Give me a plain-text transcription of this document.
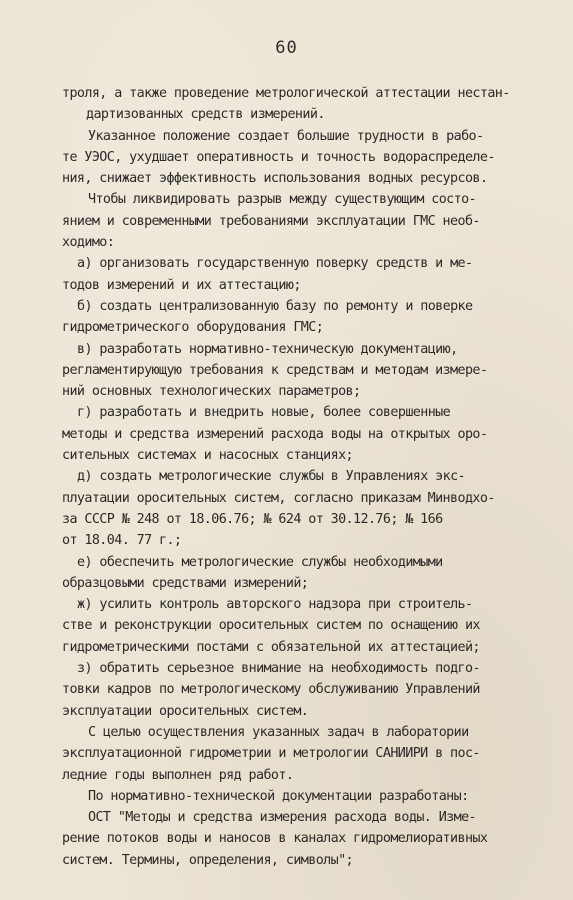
60
троля, а также проведение метрологической аттестации нестан-
дартизованных средств измерений.
Указанное положение создает большие трудности в рабо-
те УЭОС, ухудшает оперативность и точность водораспределе-
ния, снижает эффективность использования водных ресурсов.
Чтобы ликвидировать разрыв между существующим состо-
янием и современными требованиями эксплуатации ГМС необ-
ходимо:
а) организовать государственную поверку средств и ме-
тодов измерений и их аттестацию;
б) создать централизованную базу по ремонту и поверке
гидрометрического оборудования ГМС;
в) разработать нормативно-техническую документацию,
регламентирующую требования к средствам и методам измере-
ний основных технологических параметров;
г) разработать и внедрить новые, более совершенные
методы и средства измерений расхода воды на открытых оро-
сительных системах и насосных станциях;
д) создать метрологические службы в Управлениях экс-
плуатации оросительных систем, согласно приказам Минводхо-
за СССР № 248 от 18.06.76; № 624 от 30.12.76; № 166
от 18.04. 77 г.;
е) обеспечить метрологические службы необходимыми
образцовыми средствами измерений;
ж) усилить контроль авторского надзора при строитель-
стве и реконструкции оросительных систем по оснащению их
гидрометрическими постами с обязательной их аттестацией;
з) обратить серьезное внимание на необходимость подго-
товки кадров по метрологическому обслуживанию Управлений
эксплуатации оросительных систем.
С целью осуществления указанных задач в лаборатории
эксплуатационной гидрометрии и метрологии САНИИРИ в пос-
ледние годы выполнен ряд работ.
По нормативно-технической документации разработаны:
ОСТ "Методы и средства измерения расхода воды. Изме-
рение потоков воды и наносов в каналах гидромелиоративных
систем. Термины, определения, символы";
